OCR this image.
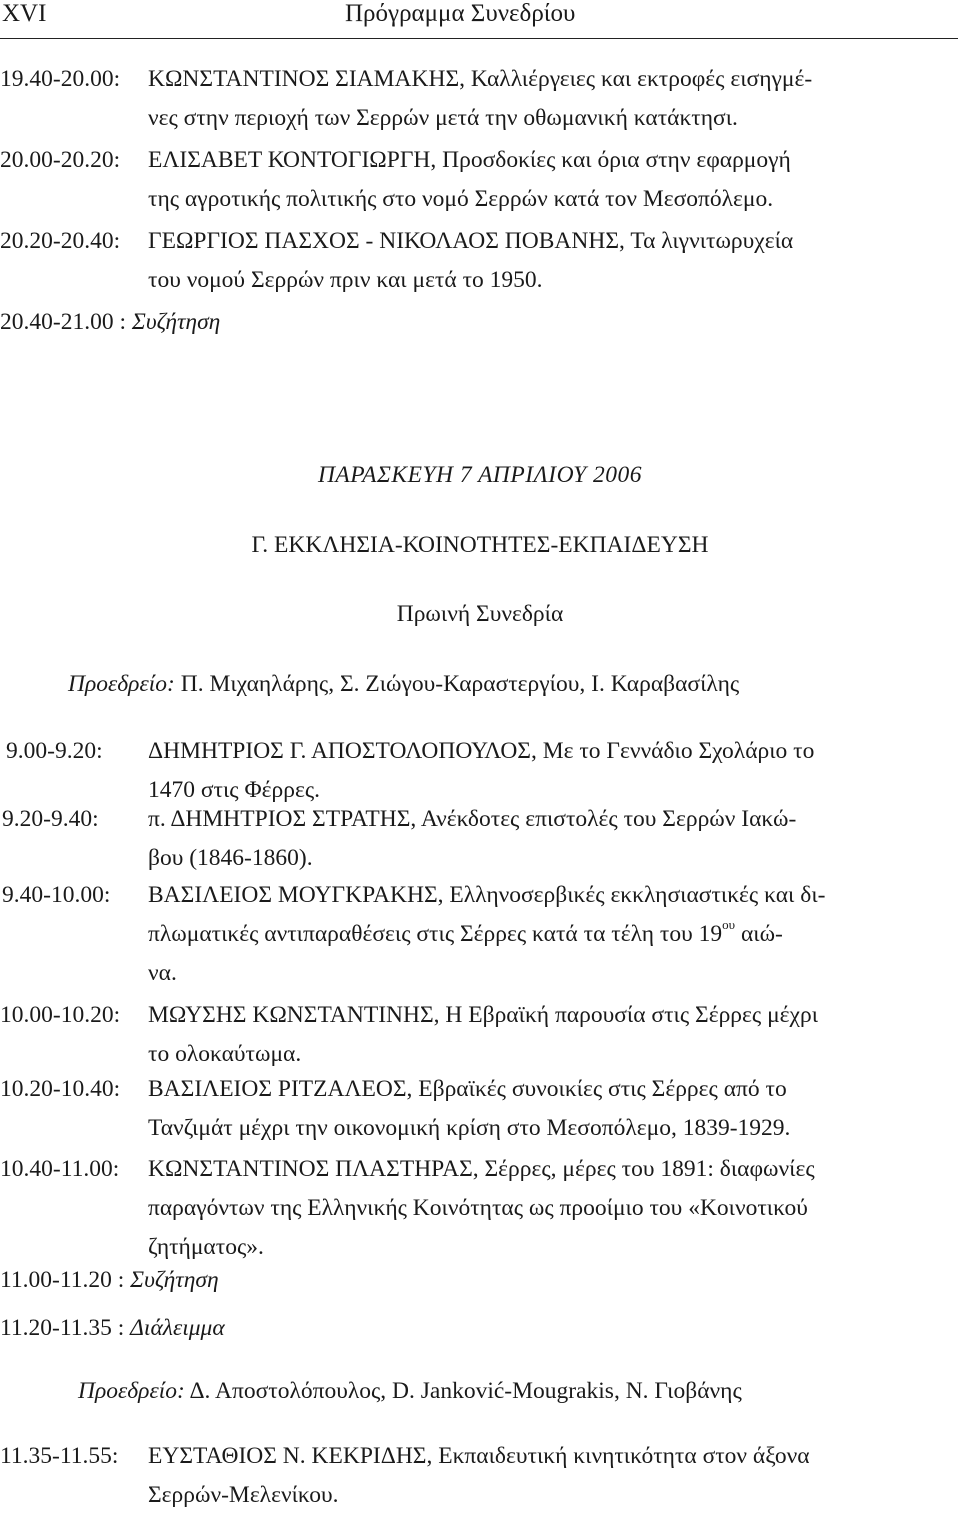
XVI	Πρόγραμμα Συνεδρίου
19.40-20.00: ΚΩΝΣΤΑΝΤΙΝΟΣ ΣΙΑΜΑΚΗΣ, Καλλιέργειες και εκτροφές εισηγμέ-
νες στην περιοχή των Σερρών μετά την οθωμανική κατάκτησι.
20.00-20.20: ΕΛΙΣΑΒΕΤ ΚΟΝΤΟΓΙΩΡΓΗ, Προσδοκίες και όρια στην εφαρμογή
της αγροτικής πολιτικής στο νομό Σερρών κατά τον Μεσοπόλεμο.
20.20-20.40: ΓΕΩΡΓΙΟΣ ΠΑΣΧΟΣ - ΝΙΚΟΛΑΟΣ ΠΟΒΑΝΗΣ, Τα λιγνιτωρυχεία
του νομού Σερρών πριν και μετά το 1950.
20.40-21.00 : Συζήτηση
ΠΑΡΑΣΚΕΥΗ 7 ΑΠΡΙΛΙΟΥ 2006
Γ. ΕΚΚΛΗΣΙΑ-ΚΟΙΝΟΤΗΤΕΣ-ΕΚΠΑΙΔΕΥΣΗ
Πρωινή Συνεδρία
Προεδρείο: Π. Μιχαηλάρης, Σ. Ζιώγου-Καραστεργίου, Ι. Καραβασίλης
9.00-9.20: ΔΗΜΗΤΡΙΟΣ Γ. ΑΠΟΣΤΟΛΟΠΟΥΛΟΣ, Με το Γεννάδιο Σχολάριο το
1470 στις Φέρρες.
9.20-9.40: π. ΔΗΜΗΤΡΙΟΣ ΣΤΡΑΤΗΣ, Ανέκδοτες επιστολές του Σερρών Ιακώ-
βου (1846-1860).
9.40-10.00: ΒΑΣΙΛΕΙΟΣ ΜΟΥΓΚΡΑΚΗΣ, Ελληνοσερβικές εκκλησιαστικές και δι-
πλωματικές αντιπαραθέσεις στις Σέρρες κατά τα τέλη του $19^{o\upsilon}$ αιώ-
να.
10.00-10.20: ΜΩΥΣΗΣ ΚΩΝΣΤΑΝΤΙΝΗΣ, Η Εβραϊκή παρουσία στις Σέρρες μέχρι
το ολοκαύτωμα.
10.20-10.40: ΒΑΣΙΛΕΙΟΣ ΡΙΤΖΑΛΕΟΣ, Εβραϊκές συνοικίες στις Σέρρες από το
Τανζιμάτ μέχρι την οικονομική κρίση στο Μεσοπόλεμο, 1839-1929.
10.40-11.00: ΚΩΝΣΤΑΝΤΙΝΟΣ ΠΛΑΣΤΗΡΑΣ, Σέρρες, μέρες του 1891: διαφωνίες
παραγόντων της Ελληνικής Κοινότητας ως προοίμιο του «Κοινοτικού
ζητήματος».
11.00-11.20 : Συζήτηση
11.20-11.35 : Διάλειμμα
Προεδρείο: Δ. Αποστολόπουλος, D. Janković-Mougrakis, Ν. Γιοβάνης
11.35-11.55: ΕΥΣΤΑΘΙΟΣ Ν. ΚΕΚΡΙΔΗΣ, Εκπαιδευτική κινητικότητα στον άξονα
Σερρών-Μελενίκου.
